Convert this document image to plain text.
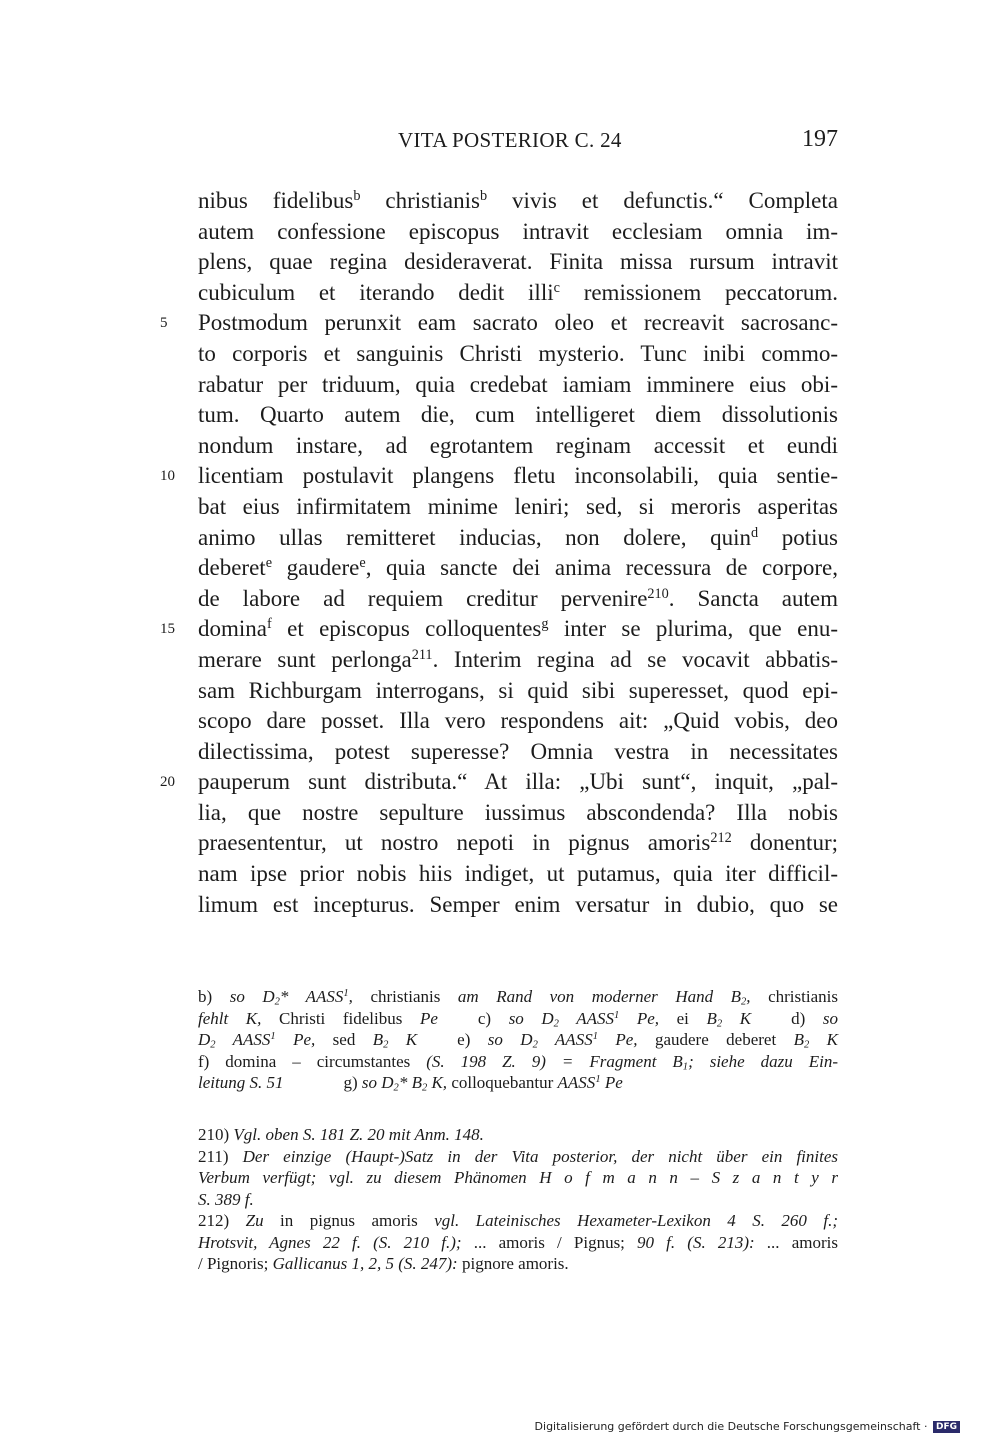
VITA POSTERIOR C. 24	197
5
10
15
20
nibus fidelibus$^b$ christianis$^b$ vivis et defunctis.“ Completa
autem confessione episcopus intravit ecclesiam omnia im-
plens, quae regina desideraverat. Finita missa rursum intravit
cubiculum et iterando dedit illi$^c$ remissionem peccatorum.
Postmodum perunxit eam sacrato oleo et recreavit sacrosanc-
to corporis et sanguinis Christi mysterio. Tunc inibi commo-
rabatur per triduum, quia credebat iamiam imminere eius obi-
tum. Quarto autem die, cum intelligeret diem dissolutionis
nondum instare, ad egrotantem reginam accessit et eundi
licentiam postulavit plangens fletu inconsolabili, quia sentie-
bat eius infirmitatem minime leniri; sed, si meroris asperitas
animo ullas remitteret inducias, non dolere, quin$^d$ potius
deberet$^e$ gaudere$^e$, quia sancte dei anima recessura de corpore,
de labore ad requiem creditur pervenire$^{210}$. Sancta autem
domina$^f$ et episcopus colloquentes$^g$ inter se plurima, que enu-
merare sunt perlonga$^{211}$. Interim regina ad se vocavit abbatis-
sam Richburgam interrogans, si quid sibi superesset, quod epi-
scopo dare posset. Illa vero respondens ait: „Quid vobis, deo
dilectissima, potest superesse? Omnia vestra in necessitates
pauperum sunt distributa.“ At illa: „Ubi sunt“, inquit, „pal-
lia, que nostre sepulture iussimus abscondenda? Illa nobis
praesententur, ut nostro nepoti in pignus amoris$^{212}$ donentur;
nam ipse prior nobis hiis indiget, ut putamus, quia iter difficil-
limum est incepturus. Semper enim versatur in dubio, quo se
b) so $D_2*$ AASS$^1$, christianis am Rand von moderner Hand $B_2$, christianis
fehlt K, Christi fidelibus Pe c) so $D_2$ AASS$^1$ Pe, ei $B_2$ K d) so
$D_2$ AASS$^1$ Pe, sed $B_2$ K e) so $D_2$ AASS$^1$ Pe, gaudere deberet $B_2$ K
f) domina – circumstantes (S. 198 Z. 9) = Fragment $B_1$; siehe dazu Ein-
leitung S. 51	g) so $D_2*$ $B_2$ K, colloquebantur AASS$^1$ Pe
210) Vgl. oben S. 181 Z. 20 mit Anm. 148.
211) Der einzige (Haupt-)Satz in der Vita posterior, der nicht über ein finites
Verbum verfügt; vgl. zu diesem Phänomen H o f m a n n – S z a n t y r
S. 389 f.
212) Zu in pignus amoris vgl. Lateinisches Hexameter-Lexikon 4 S. 260 f.;
Hrotsvit, Agnes 22 f. (S. 210 f.); ... amoris / Pignus; 90 f. (S. 213): ... amoris
/ Pignoris; Gallicanus 1, 2, 5 (S. 247): pignore amoris.
Digitalisierung gefördert durch die Deutsche Forschungsgemeinschaft · DFG
